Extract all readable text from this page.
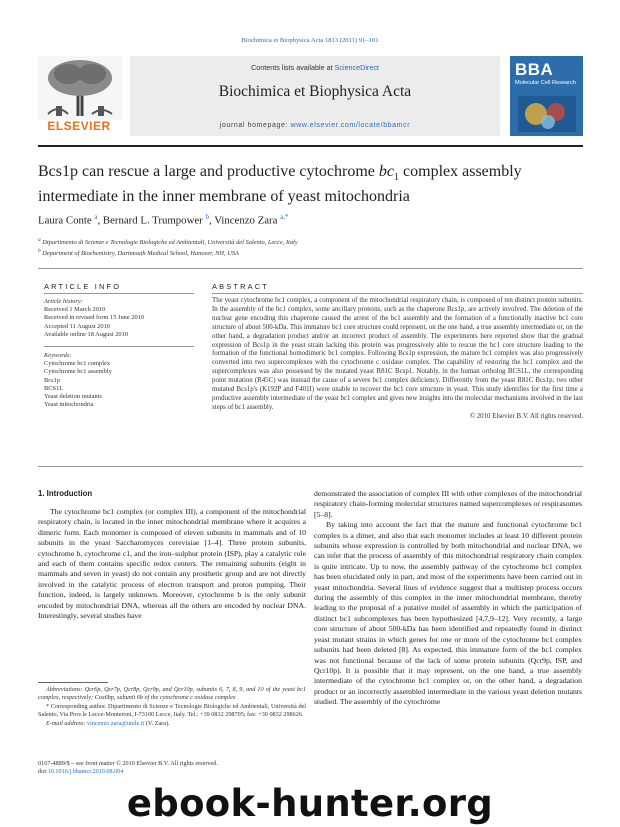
Biochimica et Biophysica Acta 1813 (2011) 91–101
ELSEVIER
Contents lists available at ScienceDirect
Biochimica et Biophysica Acta
journal homepage: www.elsevier.com/locate/bbamcr
BBA
Molecular Cell Research
Bcs1p can rescue a large and productive cytochrome $bc_1$ complex assembly intermediate in the inner membrane of yeast mitochondria
Laura Conte $^a$, Bernard L. Trumpower $^b$, Vincenzo Zara $^{a,*}$
$^a$ Dipartimento di Scienze e Tecnologie Biologiche ed Ambientali, Università del Salento, Lecce, Italy
$^b$ Department of Biochemistry, Dartmouth Medical School, Hanover, NH, USA
ARTICLE INFO
Article history:
Received 1 March 2010
Received in revised form 15 June 2010
Accepted 11 August 2010
Available online 18 August 2010
Keywords:
Cytochrome bc1 complex
Cytochrome bc1 assembly
Bcs1p
BCS1L
Yeast deletion mutants
Yeast mitochondria
ABSTRACT
The yeast cytochrome bc1 complex, a component of the mitochondrial respiratory chain, is composed of ten distinct protein subunits. In the assembly of the bc1 complex, some ancillary proteins, such as the chaperone Bcs1p, are actively involved. The deletion of the nuclear gene encoding this chaperone caused the arrest of the bc1 assembly and the formation of a functionally inactive bc1 core structure of about 500-kDa. This immature bc1 core structure could represent, on the one hand, a true assembly intermediate or, on the other hand, a degradation product and/or an incorrect product of assembly. The experiments here reported show that the gradual expression of Bcs1p in the yeast strain lacking this protein was progressively able to rescue the bc1 core structure leading to the formation of the functional homodimeric bc1 complex. Following Bcs1p expression, the mature bc1 complex was also progressively converted into two supercomplexes with the cytochrome c oxidase complex. The capability of restoring the bc1 complex and the supercomplexes was also possessed by the mutated yeast R81C Bcsp1. Notably, in the human ortholog BCS1L, the corresponding point mutation (R45C) was instead the cause of a severe bc1 complex deficiency. Differently from the yeast R81C Bcs1p, two other mutated Bcs1p's (K192P and F401I) were unable to recover the bc1 core structure in yeast. This study identifies for the first time a productive assembly intermediate of the yeast bc1 complex and gives new insights into the molecular mechanisms involved in the last steps of bc1 assembly.
© 2010 Elsevier B.V. All rights reserved.
1. Introduction
The cytochrome bc1 complex (or complex III), a component of the mitochondrial respiratory chain, is located in the inner mitochondrial membrane where it acquires a dimeric form. Each monomer is composed of eleven subunits in mammals and of 10 subunits in the yeast Saccharomyces cerevisiae [1–4]. Three protein subunits, cytochrome b, cytochrome c1, and the iron–sulphur protein (ISP), play a catalytic role and each of them contains specific redox centers. The remaining subunits (eight in mammals and seven in yeast) do not contain any prosthetic group and are not directly involved in the catalytic process of electron transport and proton pumping. Their function, indeed, is largely unknown. Moreover, cytochrome b is the only subunit encoded by mitochondrial DNA, whereas all the others are encoded by nuclear DNA. Interestingly, several studies have

demonstrated the association of complex III with other complexes of the mitochondrial respiratory chain-forming molecular structures named supercomplexes or respirasomes [5–8].

By taking into account the fact that the mature and functional cytochrome bc1 complex is a dimer, and also that each monomer includes at least 10 different protein subunits whose expression is controlled by both mitochondrial and nuclear DNA, we can infer that the process of assembly of this mitochondrial respiratory chain complex is quite intricate. Up to now, the assembly pathway of the cytochrome bc1 complex has been elucidated only in part, and most of the experiments have been carried out in yeast mitochondria. Several lines of evidence suggest that a multistep process occurs during the assembly of this complex in the inner mitochondrial membrane, thereby leading to the proposal of a putative model of assembly in which the participation of distinct bc1 subcomplexes has been hypothesized [4,7,9–12]. Very recently, a large core structure of about 500-kDa has been identified and repeatedly found in distinct yeast mutant strains in which genes for one or more of the cytochrome bc1 complex subunits had been deleted [8]. As expected, this immature form of the bc1 complex was not functional because of the lack of some protein subunits (Qcr9p, ISP, and Qcr10p). It is possible that it may represent, on the one hand, a true assembly intermediate of the cytochrome bc1 complex or, on the other hand, a degradation product or an incorrectly assembled intermediate in the various yeast deletion mutants studied. The assembly of the cytochrome

Abbreviations: Qcr6p, Qcr7p, Qcr8p, Qcr9p, and Qcr10p, subunits 6, 7, 8, 9, and 10 of the yeast bc1 complex, respectively; Cox6bp, subunit 6b of the cytochrome c oxidase complex

* Corresponding author. Dipartimento di Scienze e Tecnologie Biologiche ed Ambientali, Università del Salento, Via Prov.le Lecce-Monteroni, I-73100 Lecce, Italy. Tel.: +39 0832 298705; fax: +39 0832 298626.

E-mail address: vincenzo.zara@unile.it (V. Zara).

0167-4889/$ – see front matter © 2010 Elsevier B.V. All rights reserved.
doi:10.1016/j.bbamcr.2010.08.004
ebook-hunter.org
